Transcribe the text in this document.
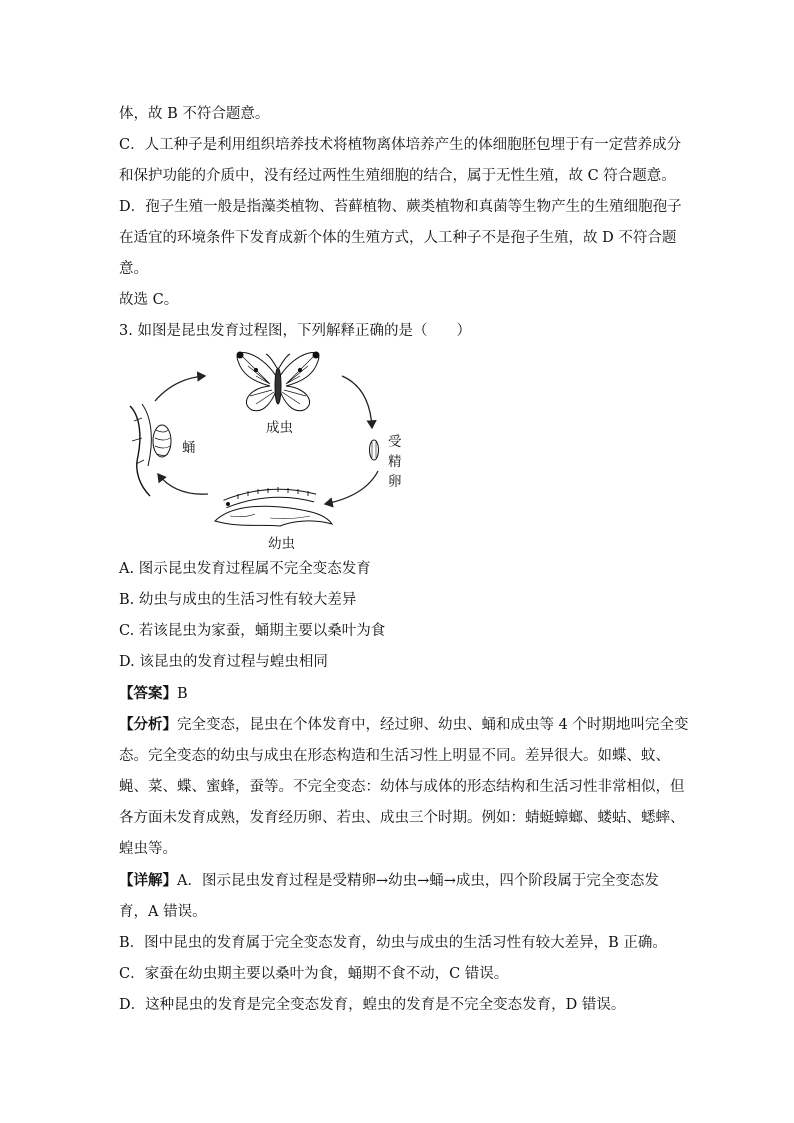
体，故 B 不符合题意。
C．人工种子是利用组织培养技术将植物离体培养产生的体细胞胚包埋于有一定营养成分
和保护功能的介质中，没有经过两性生殖细胞的结合，属于无性生殖，故 C 符合题意。
D．孢子生殖一般是指藻类植物、苔藓植物、蕨类植物和真菌等生物产生的生殖细胞孢子
在适宜的环境条件下发育成新个体的生殖方式，人工种子不是孢子生殖，故 D 不符合题
意。
故选 C。
3. 如图是昆虫发育过程图，下列解释正确的是（　　）
成虫
蛹	受
精
卵
幼虫
A. 图示昆虫发育过程属不完全变态发育
B. 幼虫与成虫的生活习性有较大差异
C. 若该昆虫为家蚕，蛹期主要以桑叶为食
D. 该昆虫的发育过程与蝗虫相同
【答案】B
【分析】完全变态，昆虫在个体发育中，经过卵、幼虫、蛹和成虫等 4 个时期地叫完全变
态。完全变态的幼虫与成虫在形态构造和生活习性上明显不同。差异很大。如蝶、蚊、
蝇、菜、蝶、蜜蜂，蚕等。不完全变态：幼体与成体的形态结构和生活习性非常相似，但
各方面未发育成熟，发育经历卵、若虫、成虫三个时期。例如：蜻蜓蟑螂、蝼蛄、蟋蟀、
蝗虫等。
【详解】A．图示昆虫发育过程是受精卵→幼虫→蛹→成虫，四个阶段属于完全变态发
育，A 错误。
B．图中昆虫的发育属于完全变态发育，幼虫与成虫的生活习性有较大差异，B 正确。
C．家蚕在幼虫期主要以桑叶为食，蛹期不食不动，C 错误。
D．这种昆虫的发育是完全变态发育，蝗虫的发育是不完全变态发育，D 错误。
